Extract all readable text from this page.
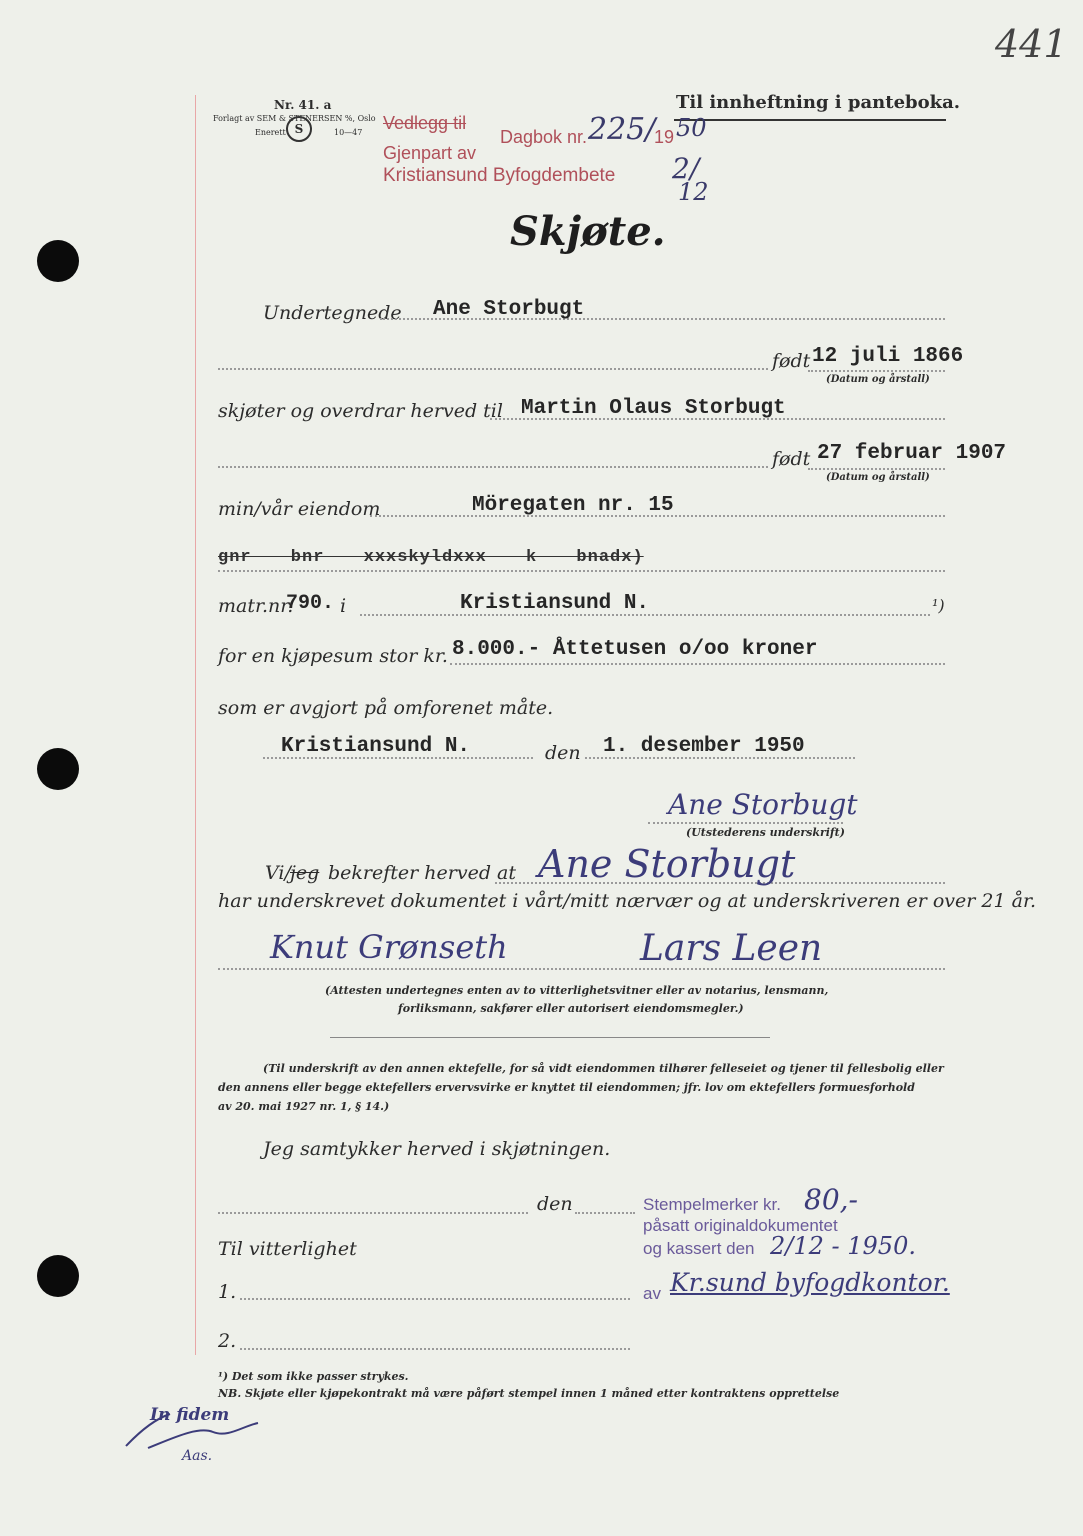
441
Nr. 41. a
Forlagt av SEM & STENERSEN %, Oslo
Enerett S	10—47
Til innheftning i panteboka.
Vedlegg til
Dagbok nr. 225/
19 50
Gjenpart av
Kristiansund Byfogdembete 2/
12
Skjøte.
Undertegnede Ane Storbugt
født 12 juli 1866
(Datum og årstall)
skjøter og overdrar herved til Martin Olaus Storbugt
født 27 februar 1907
(Datum og årstall)
min/vår eiendom	Möregaten nr. 15
gnr bnr xxxskyldxxx k bnadx)
matr.nr.
790. i	Kristiansund N.	¹)
for en kjøpesum stor kr. 8.000.- Åttetusen o/oo kroner
som er avgjort på omforenet måte.
Kristiansund N.	den 1. desember 1950
Ane Storbugt
(Utstederens underskrift)
Vi/ jeg bekrefter herved at Ane Storbugt
har underskrevet dokumentet i vårt/mitt nærvær og at underskriveren er over 21 år.
Knut Grønseth	Lars Leen
(Attesten undertegnes enten av to vitterlighetsvitner eller av notarius, lensmann,
forliksmann, sakfører eller autorisert eiendomsmegler.)
(Til underskrift av den annen ektefelle, for så vidt eiendommen tilhører felleseiet og tjener til fellesbolig eller
den annens eller begge ektefellers ervervsvirke er knyttet til eiendommen; jfr. lov om ektefellers formuesforhold
av 20. mai 1927 nr. 1, § 14.)
Jeg samtykker herved i skjøtningen.
den	Stempelmerker kr. 80,-
påsatt originaldokumentet
og kassert den 2/12 - 1950.
av Kr.sund byfogdkontor.
Til vitterlighet
1.
2.
¹) Det som ikke passer strykes.
NB. Skjøte eller kjøpekontrakt må være påført stempel innen 1 måned etter kontraktens opprettelse
In fidem
Aas.
